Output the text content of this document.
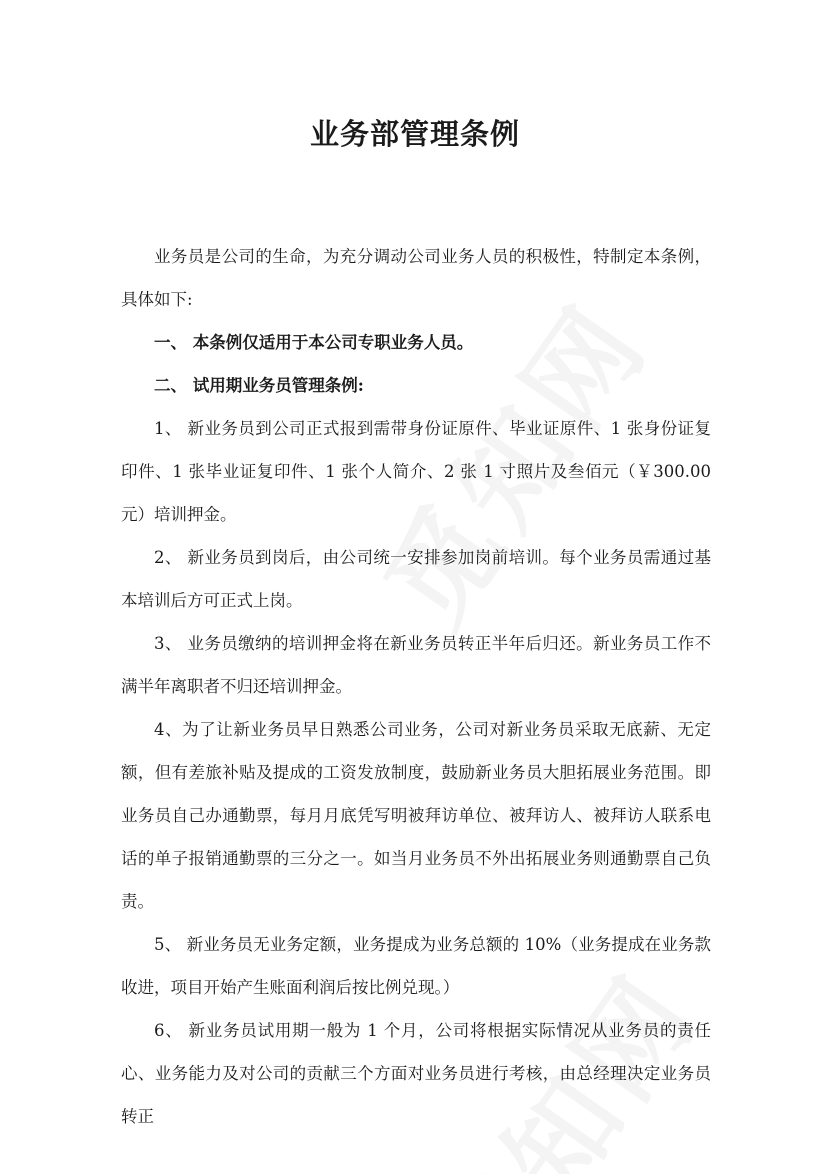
业务部管理条例

业务员是公司的生命，为充分调动公司业务人员的积极性，特制定本条例，具体如下:

一、 本条例仅适用于本公司专职业务人员。

二、 试用期业务员管理条例:

1、 新业务员到公司正式报到需带身份证原件、毕业证原件、1 张身份证复印件、1 张毕业证复印件、1 张个人简介、2 张 1 寸照片及叁佰元（￥300.00 元）培训押金。

2、 新业务员到岗后，由公司统一安排参加岗前培训。每个业务员需通过基本培训后方可正式上岗。

3、 业务员缴纳的培训押金将在新业务员转正半年后归还。新业务员工作不满半年离职者不归还培训押金。

4、为了让新业务员早日熟悉公司业务，公司对新业务员采取无底薪、无定额，但有差旅补贴及提成的工资发放制度，鼓励新业务员大胆拓展业务范围。即业务员自己办通勤票，每月月底凭写明被拜访单位、被拜访人、被拜访人联系电话的单子报销通勤票的三分之一。如当月业务员不外出拓展业务则通勤票自己负责。

5、 新业务员无业务定额，业务提成为业务总额的 10%（业务提成在业务款收进，项目开始产生账面利润后按比例兑现。）

6、 新业务员试用期一般为 1 个月，公司将根据实际情况从业务员的责任心、业务能力及对公司的贡献三个方面对业务员进行考核，由总经理决定业务员转正
